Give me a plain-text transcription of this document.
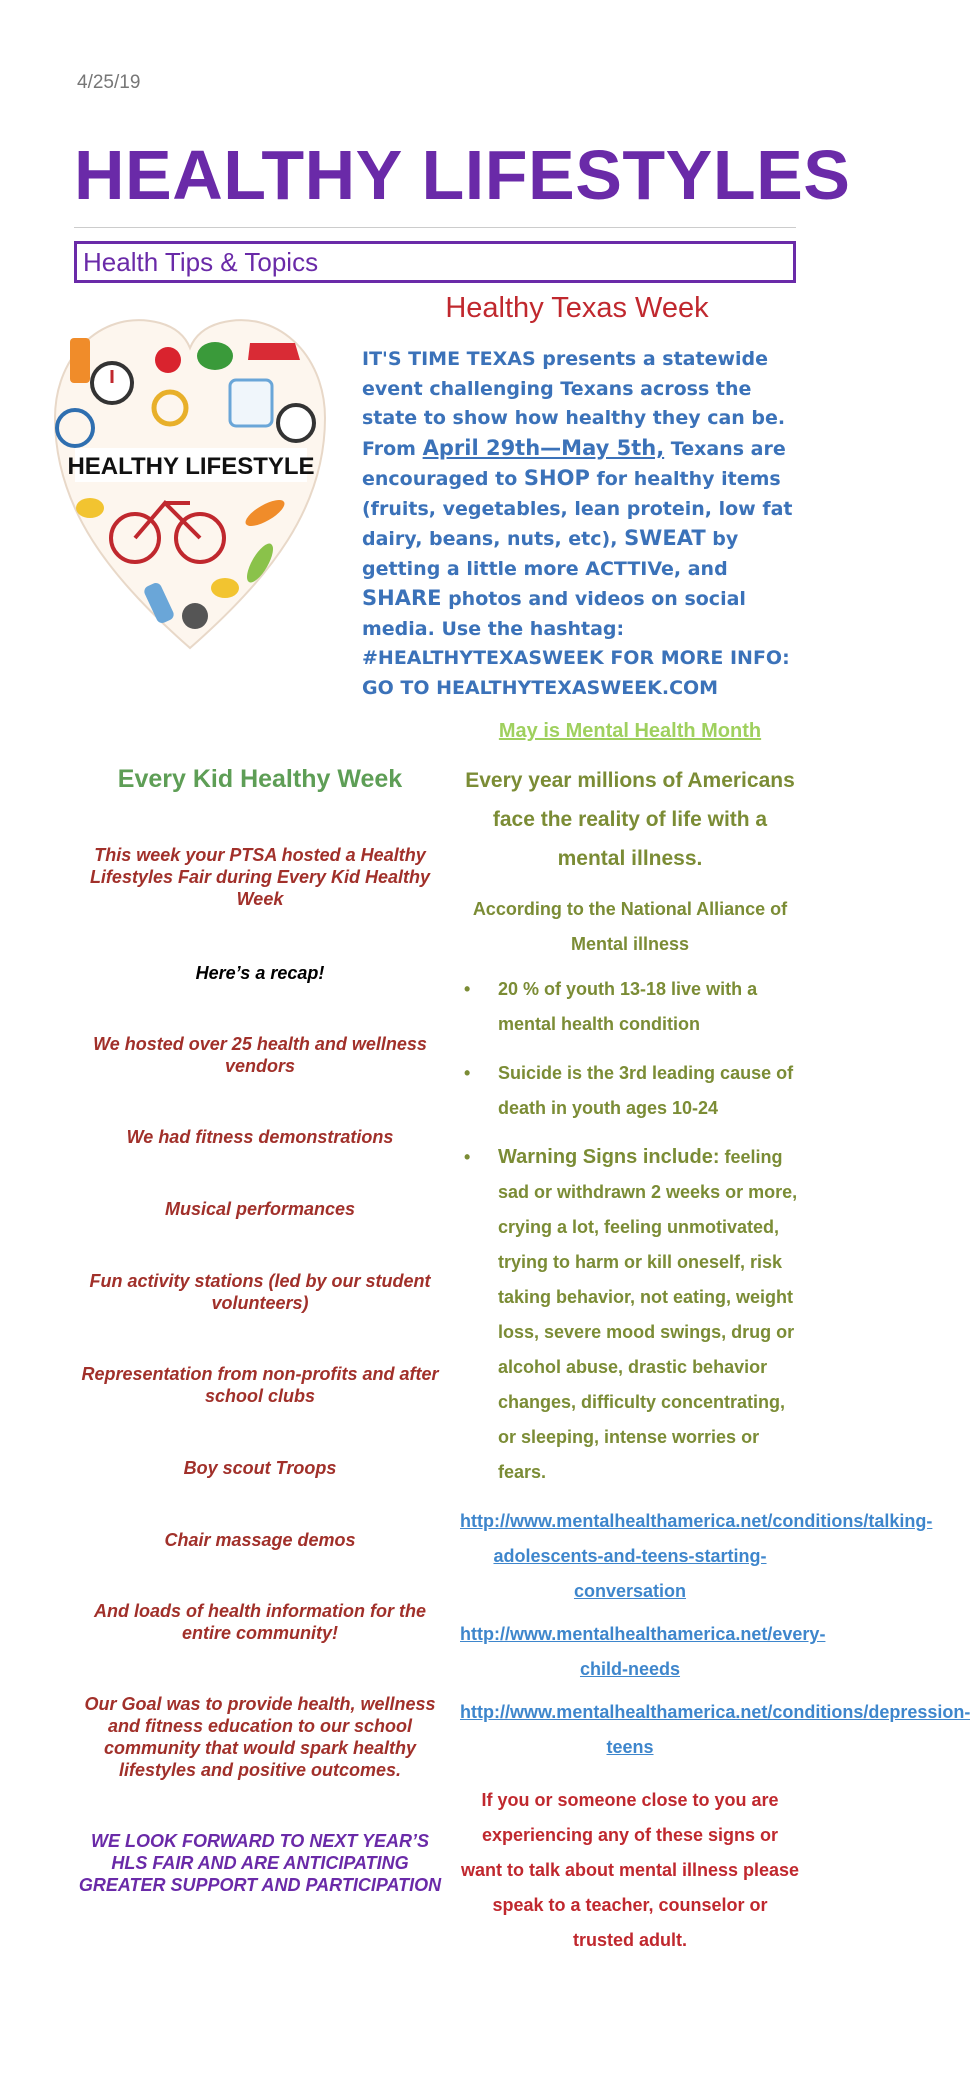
4/25/19
HEALTHY LIFESTYLES
Health Tips & Topics
HEALTHY LIFESTYLE
Healthy Texas Week
IT'S TIME TEXAS presents a statewide event challenging Texans across the state to show how healthy they can be. From April 29th—May 5th, Texans are encouraged to SHOP for healthy items (fruits, vegetables, lean protein, low fat dairy, beans, nuts, etc), SWEAT by getting a little more ACTTIVe, and SHARE photos and videos on social media. Use the hashtag: #HEALTHYTEXASWEEK FOR MORE INFO: GO TO HEALTHYTEXASWEEK.COM
Every Kid Healthy Week
This week your PTSA hosted a Healthy Lifestyles Fair during Every Kid Healthy Week
Here’s a recap!
We hosted over 25 health and wellness vendors
We had fitness demonstrations
Musical performances
Fun activity stations (led by our student volunteers)
Representation from non-profits and after school clubs
Boy scout Troops
Chair massage demos
And loads of health information for the entire community!
Our Goal was to provide health, wellness and fitness education to our school community that would spark healthy lifestyles and positive outcomes.
WE LOOK FORWARD TO NEXT YEAR’S HLS FAIR AND ARE ANTICIPATING GREATER SUPPORT AND PARTICIPATION
May is Mental Health Month
Every year millions of Americans face the reality of life with a mental illness.
According to the National Alliance of Mental illness
• 20 % of youth 13-18 live with a mental health condition
• Suicide is the 3rd leading cause of death in youth ages 10-24
• Warning Signs include: feeling sad or withdrawn 2 weeks or more, crying a lot, feeling unmotivated, trying to harm or kill oneself, risk taking behavior, not eating, weight loss, severe mood swings, drug or alcohol abuse, drastic behavior changes, difficulty concentrating, or sleeping, intense worries or fears.
http://www.mentalhealthamerica.net/conditions/talking-adolescents-and-teens-starting-conversation
http://www.mentalhealthamerica.net/every-child-needs
http://www.mentalhealthamerica.net/conditions/depression-teens
If you or someone close to you are experiencing any of these signs or want to talk about mental illness please speak to a teacher, counselor or trusted adult.
